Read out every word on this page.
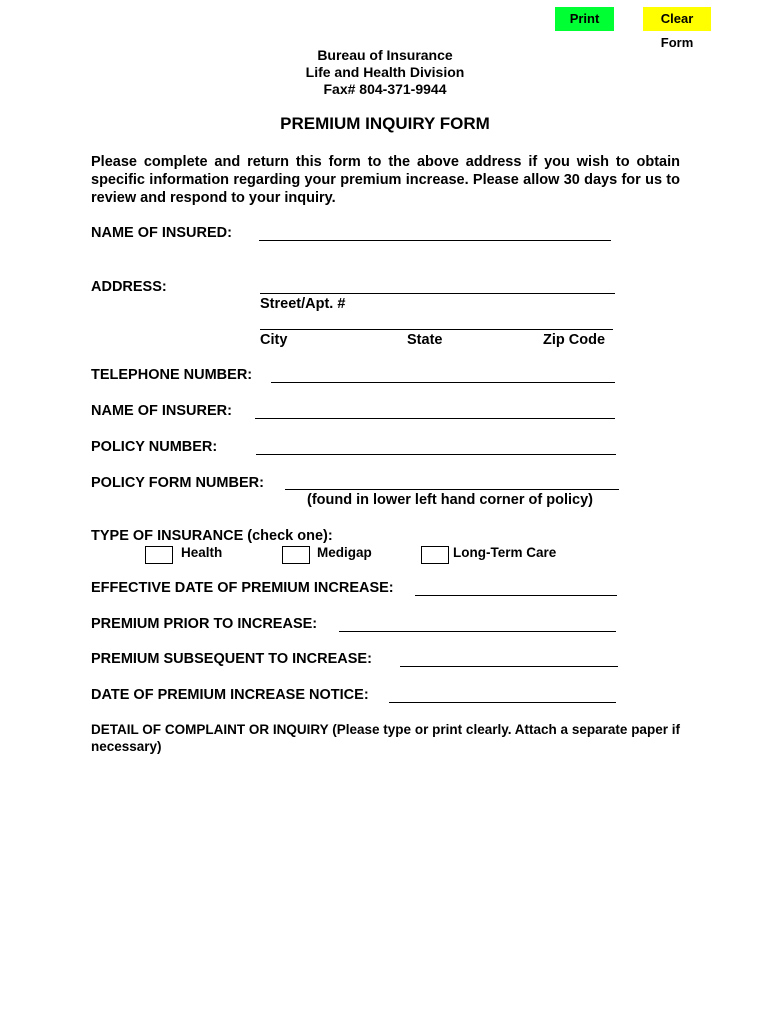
Print	Clear Form
Bureau of Insurance
Life and Health Division
Fax# 804-371-9944
PREMIUM INQUIRY FORM
Please complete and return this form to the above address if you wish to obtain specific information regarding your premium increase. Please allow 30 days for us to review and respond to your inquiry.
NAME OF INSURED:
ADDRESS:
Street/Apt. #
City	State	Zip Code
TELEPHONE NUMBER:
NAME OF INSURER:
POLICY NUMBER:
POLICY FORM NUMBER:
(found in lower left hand corner of policy)
TYPE OF INSURANCE (check one):
Health	Medigap	Long-Term Care
EFFECTIVE DATE OF PREMIUM INCREASE:
PREMIUM PRIOR TO INCREASE:
PREMIUM SUBSEQUENT TO INCREASE:
DATE OF PREMIUM INCREASE NOTICE:
DETAIL OF COMPLAINT OR INQUIRY (Please type or print clearly. Attach a separate paper if necessary)
